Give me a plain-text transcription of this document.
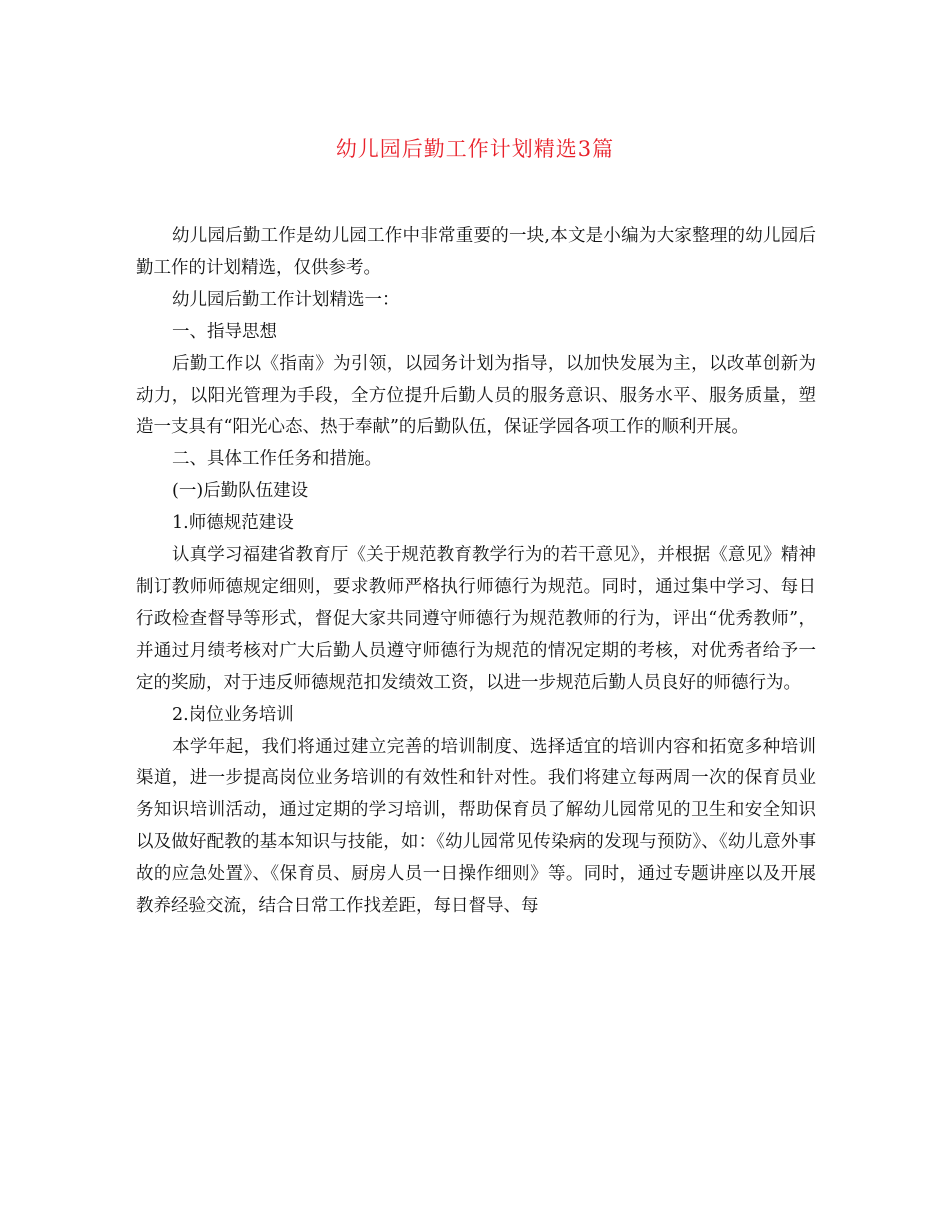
幼儿园后勤工作计划精选3篇

幼儿园后勤工作是幼儿园工作中非常重要的一块,本文是小编为大家整理的幼儿园后勤工作的计划精选，仅供参考。

幼儿园后勤工作计划精选一：

一、指导思想

后勤工作以《指南》为引领，以园务计划为指导，以加快发展为主，以改革创新为动力，以阳光管理为手段，全方位提升后勤人员的服务意识、服务水平、服务质量，塑造一支具有“阳光心态、热于奉献”的后勤队伍，保证学园各项工作的顺利开展。

二、具体工作任务和措施。

(一)后勤队伍建设

1.师德规范建设

认真学习福建省教育厅《关于规范教育教学行为的若干意见》，并根据《意见》精神制订教师师德规定细则，要求教师严格执行师德行为规范。同时，通过集中学习、每日行政检查督导等形式，督促大家共同遵守师德行为规范教师的行为，评出“优秀教师”，并通过月绩考核对广大后勤人员遵守师德行为规范的情况定期的考核，对优秀者给予一定的奖励，对于违反师德规范扣发绩效工资，以进一步规范后勤人员良好的师德行为。

2.岗位业务培训

本学年起，我们将通过建立完善的培训制度、选择适宜的培训内容和拓宽多种培训渠道，进一步提高岗位业务培训的有效性和针对性。我们将建立每两周一次的保育员业务知识培训活动，通过定期的学习培训，帮助保育员了解幼儿园常见的卫生和安全知识以及做好配教的基本知识与技能，如：《幼儿园常见传染病的发现与预防》、《幼儿意外事故的应急处置》、《保育员、厨房人员一日操作细则》等。同时，通过专题讲座以及开展教养经验交流，结合日常工作找差距，每日督导、每
